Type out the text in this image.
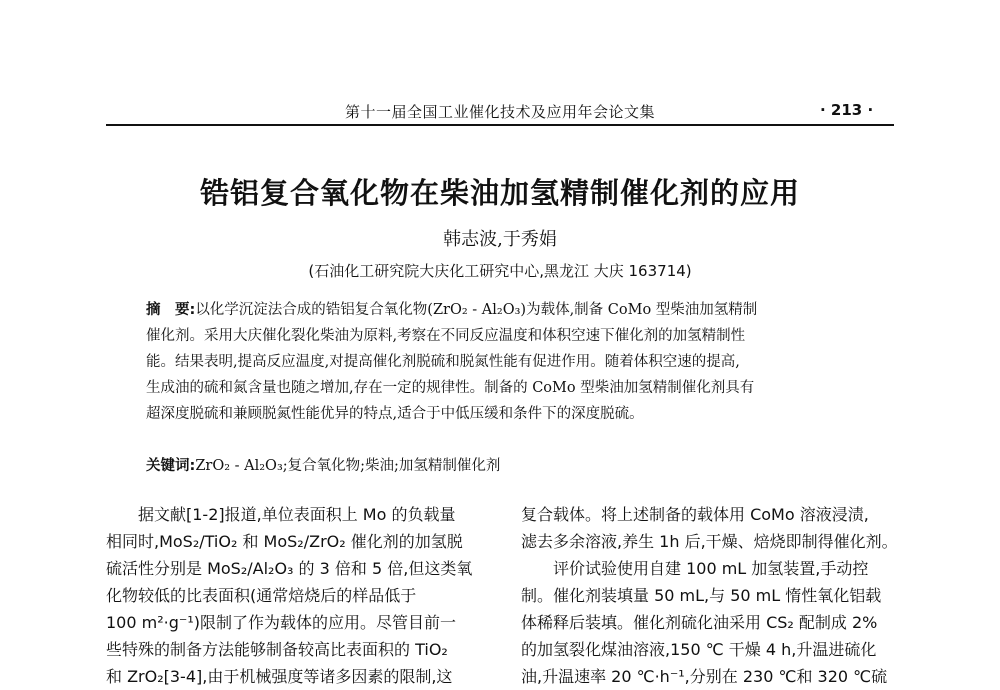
第十一届全国工业催化技术及应用年会论文集	· 213 ·
锆铝复合氧化物在柴油加氢精制催化剂的应用
韩志波,于秀娟
(石油化工研究院大庆化工研究中心,黑龙江 大庆 163714)
摘　要:以化学沉淀法合成的锆铝复合氧化物(ZrO₂ - Al₂O₃)为载体,制备 CoMo 型柴油加氢精制
催化剂。采用大庆催化裂化柴油为原料,考察在不同反应温度和体积空速下催化剂的加氢精制性
能。结果表明,提高反应温度,对提高催化剂脱硫和脱氮性能有促进作用。随着体积空速的提高,
生成油的硫和氮含量也随之增加,存在一定的规律性。制备的 CoMo 型柴油加氢精制催化剂具有
超深度脱硫和兼顾脱氮性能优异的特点,适合于中低压缓和条件下的深度脱硫。
关键词:ZrO₂ - Al₂O₃;复合氧化物;柴油;加氢精制催化剂
　　据文献[1-2]报道,单位表面积上 Mo 的负载量
相同时,MoS₂/TiO₂ 和 MoS₂/ZrO₂ 催化剂的加氢脱
硫活性分别是 MoS₂/Al₂O₃ 的 3 倍和 5 倍,但这类氧
化物较低的比表面积(通常焙烧后的样品低于
100 m²·g⁻¹)限制了作为载体的应用。尽管目前一
些特殊的制备方法能够制备较高比表面积的 TiO₂
和 ZrO₂[3-4],由于机械强度等诸多因素的限制,这
复合载体。将上述制备的载体用 CoMo 溶液浸渍,
滤去多余溶液,养生 1h 后,干燥、焙烧即制得催化剂。
　　评价试验使用自建 100 mL 加氢装置,手动控
制。催化剂装填量 50 mL,与 50 mL 惰性氧化铝载
体稀释后装填。催化剂硫化油采用 CS₂ 配制成 2%
的加氢裂化煤油溶液,150 ℃ 干燥 4 h,升温进硫化
油,升温速率 20 ℃·h⁻¹,分别在 230 ℃和 320 ℃硫
